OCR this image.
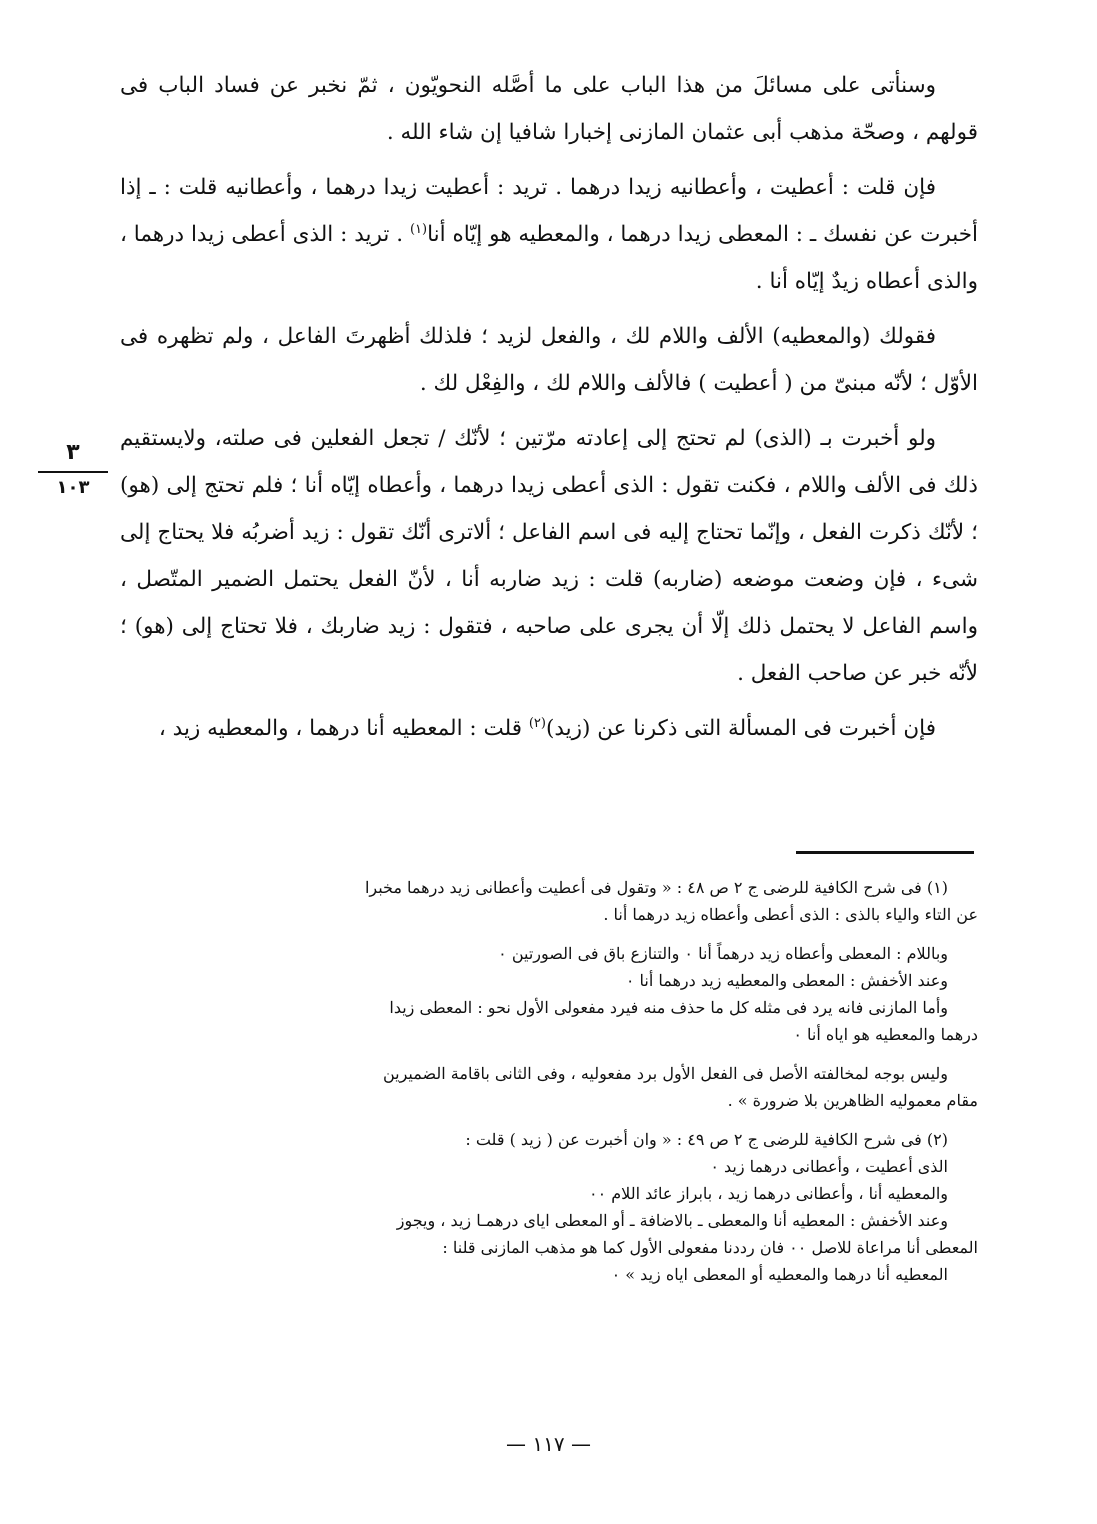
وسنأتى على مسائلَ من هذا الباب على ما أصَّله النحويّون ، ثمّ نخبر عن فساد الباب فى قولهم ، وصحّة مذهب أبى عثمان المازنى إخبارا شافيا إن شاء الله .

فإن قلت : أعطيت ، وأعطانيه زيدا درهما . تريد : أعطيت زيدا درهما ، وأعطانيه قلت : ـ إذا أخبرت عن نفسك ـ : المعطى زيدا درهما ، والمعطيه هو إيّاه أنا$^{(١)}$ . تريد : الذى أعطى زيدا درهما ، والذى أعطاه زيدٌ إيّاه أنا .

فقولك (والمعطيه) الألف واللام لك ، والفعل لزيد ؛ فلذلك أظهرتَ الفاعل ، ولم تظهره فى الأوّل ؛ لأنّه مبنىّ من ( أعطيت ) فالألف واللام لك ، والفِعْل لك .

ولو أخبرت بـ (الذى) لم تحتج إلى إعادته مرّتين ؛ لأنّك / تجعل الفعلين فى صلته، ولايستقيم ذلك فى الألف واللام ، فكنت تقول : الذى أعطى زيدا درهما ، وأعطاه إيّاه أنا ؛ فلم تحتج إلى (هو) ؛ لأنّك ذكرت الفعل ، وإنّما تحتاج إليه فى اسم الفاعل ؛ ألاترى أنّك تقول : زيد أضربُه فلا يحتاج إلى شىء ، فإن وضعت موضعه (ضاربه) قلت : زيد ضاربه أنا ، لأنّ الفعل يحتمل الضمير المتّصل ، واسم الفاعل لا يحتمل ذلك إلّا أن يجرى على صاحبه ، فتقول : زيد ضاربك ، فلا تحتاج إلى (هو) ؛ لأنّه خبر عن صاحب الفعل .

فإن أخبرت فى المسألة التى ذكرنا عن (زيد)$^{(٢)}$ قلت : المعطيه أنا درهما ، والمعطيه زيد ،

٣
١٠٣
(١) فى شرح الكافية للرضى ج ٢ ص ٤٨ : « وتقول فى أعطيت وأعطانى زيد درهما مخبرا
عن التاء والياء بالذى : الذى أعطى وأعطاه زيد درهما أنا .
وباللام : المعطى وأعطاه زيد درهماً أنا ٠ والتنازع باق فى الصورتين ٠
وعند الأخفش : المعطى والمعطيه زيد درهما أنا ٠
وأما المازنى فانه يرد فى مثله كل ما حذف منه فيرد مفعولى الأول نحو : المعطى زيدا
درهما والمعطيه هو اياه أنا ٠
وليس بوجه لمخالفته الأصل فى الفعل الأول برد مفعوليه ، وفى الثانى باقامة الضميرين
مقام معموليه الظاهرين بلا ضرورة » .
(٢) فى شرح الكافية للرضى ج ٢ ص ٤٩ : « وان أخبرت عن ( زيد ) قلت :
الذى أعطيت ، وأعطانى درهما زيد ٠
والمعطيه أنا ، وأعطانى درهما زيد ، بابراز عائد اللام ٠٠
وعند الأخفش : المعطيه أنا والمعطى ـ بالاضافة ـ أو المعطى اياى درهمـا زيد ، ويجوز
المعطى أنا مراعاة للاصل ٠٠ فان رددنا مفعولى الأول كما هو مذهب المازنى قلنا :
المعطيه أنا درهما والمعطيه أو المعطى اياه زيد » ٠
— ١١٧ —
